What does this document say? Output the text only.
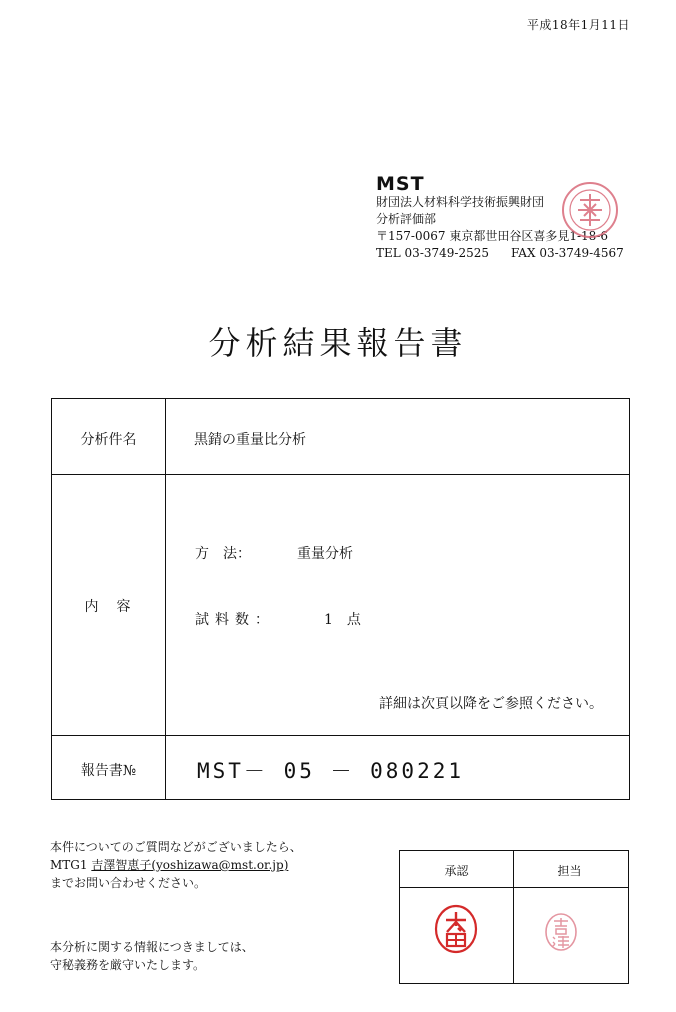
平成18年1月11日
MST
財団法人材料科学技術振興財団
分析評価部
〒157-0067 東京都世田谷区喜多見1-18-6
TEL 03-3749-2525 FAX 03-3749-4567
分析結果報告書
分析件名	黒錆の重量比分析
内　容
方　法：	重量分析
試料数：	1　点
詳細は次頁以降をご参照ください。
報告書№	MST－ 05 － 080221
本件についてのご質問などがございましたら、
MTG1 吉澤智恵子(yoshizawa@mst.or.jp)
までお問い合わせください。
本分析に関する情報につきましては、
守秘義務を厳守いたします。
承認	担当
